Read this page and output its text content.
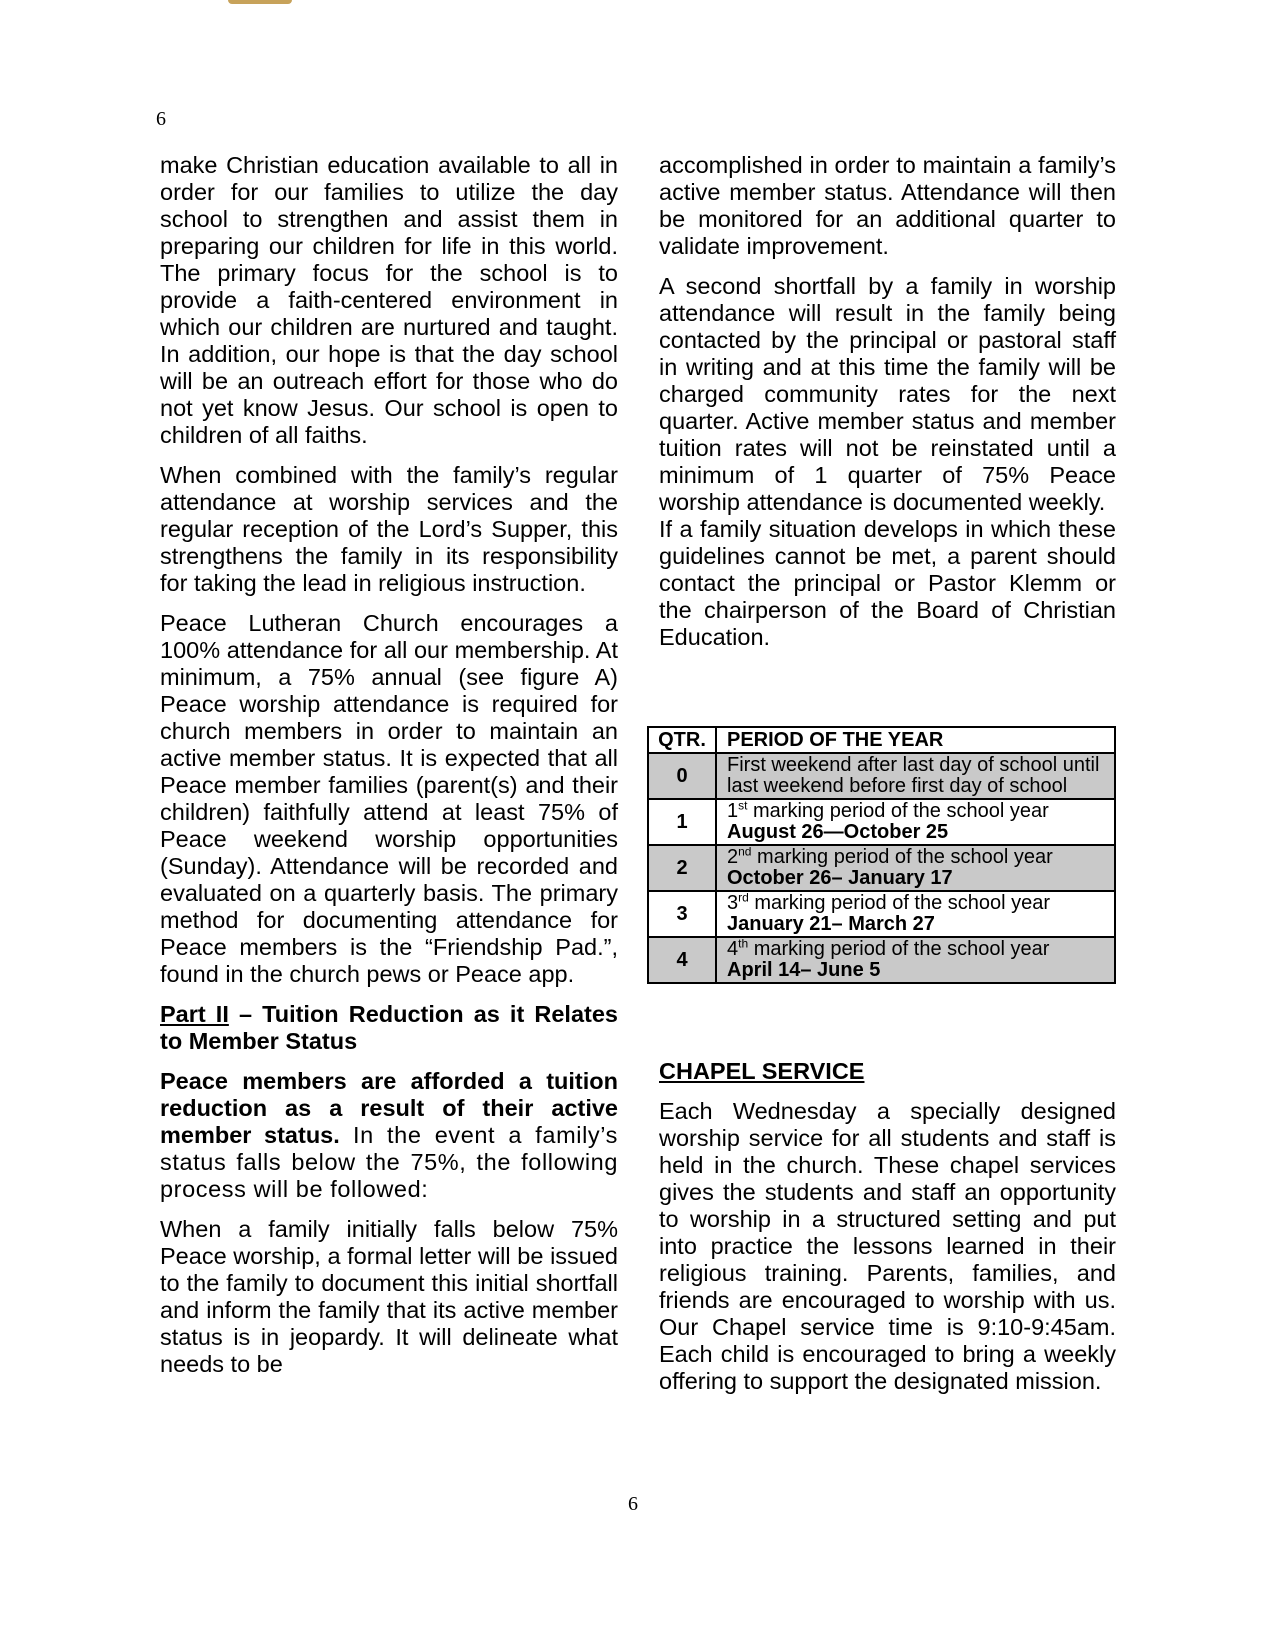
6

make Christian education available to all in order for our families to utilize the day school to strengthen and assist them in preparing our children for life in this world. The primary focus for the school is to provide a faith-centered environment in which our children are nurtured and taught. In addition, our hope is that the day school will be an outreach effort for those who do not yet know Jesus. Our school is open to children of all faiths.

When combined with the family’s regular attendance at worship services and the regular reception of the Lord’s Supper, this strengthens the family in its responsibility for taking the lead in religious instruction.

Peace Lutheran Church encourages a 100% attendance for all our membership. At minimum, a 75% annual (see figure A) Peace worship attendance is required for church members in order to maintain an active member status. It is expected that all Peace member families (parent(s) and their children) faithfully attend at least 75% of Peace weekend worship opportunities (Sunday). Attendance will be recorded and evaluated on a quarterly basis. The primary method for documenting attendance for Peace members is the “Friendship Pad.”, found in the church pews or Peace app.

Part II – Tuition Reduction as it Relates to Member Status

Peace members are afforded a tuition reduction as a result of their active member status. In the event a family’s status falls below the 75%, the following process will be followed:

When a family initially falls below 75% Peace worship, a formal letter will be issued to the family to document this initial shortfall and inform the family that its active member status is in jeopardy. It will delineate what needs to be

accomplished in order to maintain a family’s active member status. Attendance will then be monitored for an additional quarter to validate improvement.

A second shortfall by a family in worship attendance will result in the family being contacted by the principal or pastoral staff in writing and at this time the family will be charged community rates for the next quarter. Active member status and member tuition rates will not be reinstated until a minimum of 1 quarter of 75% Peace worship attendance is documented weekly.

If a family situation develops in which these guidelines cannot be met, a parent should contact the principal or Pastor Klemm or the chairperson of the Board of Christian Education.

QTR.	PERIOD OF THE YEAR
0	First weekend after last day of school until last weekend before first day of school
1	1st marking period of the school year
August 26—October 25

2	2nd marking period of the school year
October 26– January 17

3	3rd marking period of the school year
January 21– March 27

4	4th marking period of the school year
April 14– June 5
CHAPEL SERVICE

Each Wednesday a specially designed worship service for all students and staff is held in the church. These chapel services gives the students and staff an opportunity to worship in a structured setting and put into practice the lessons learned in their religious training. Parents, families, and friends are encouraged to worship with us. Our Chapel service time is 9:10-9:45am. Each child is encouraged to bring a weekly offering to support the designated mission.

6
